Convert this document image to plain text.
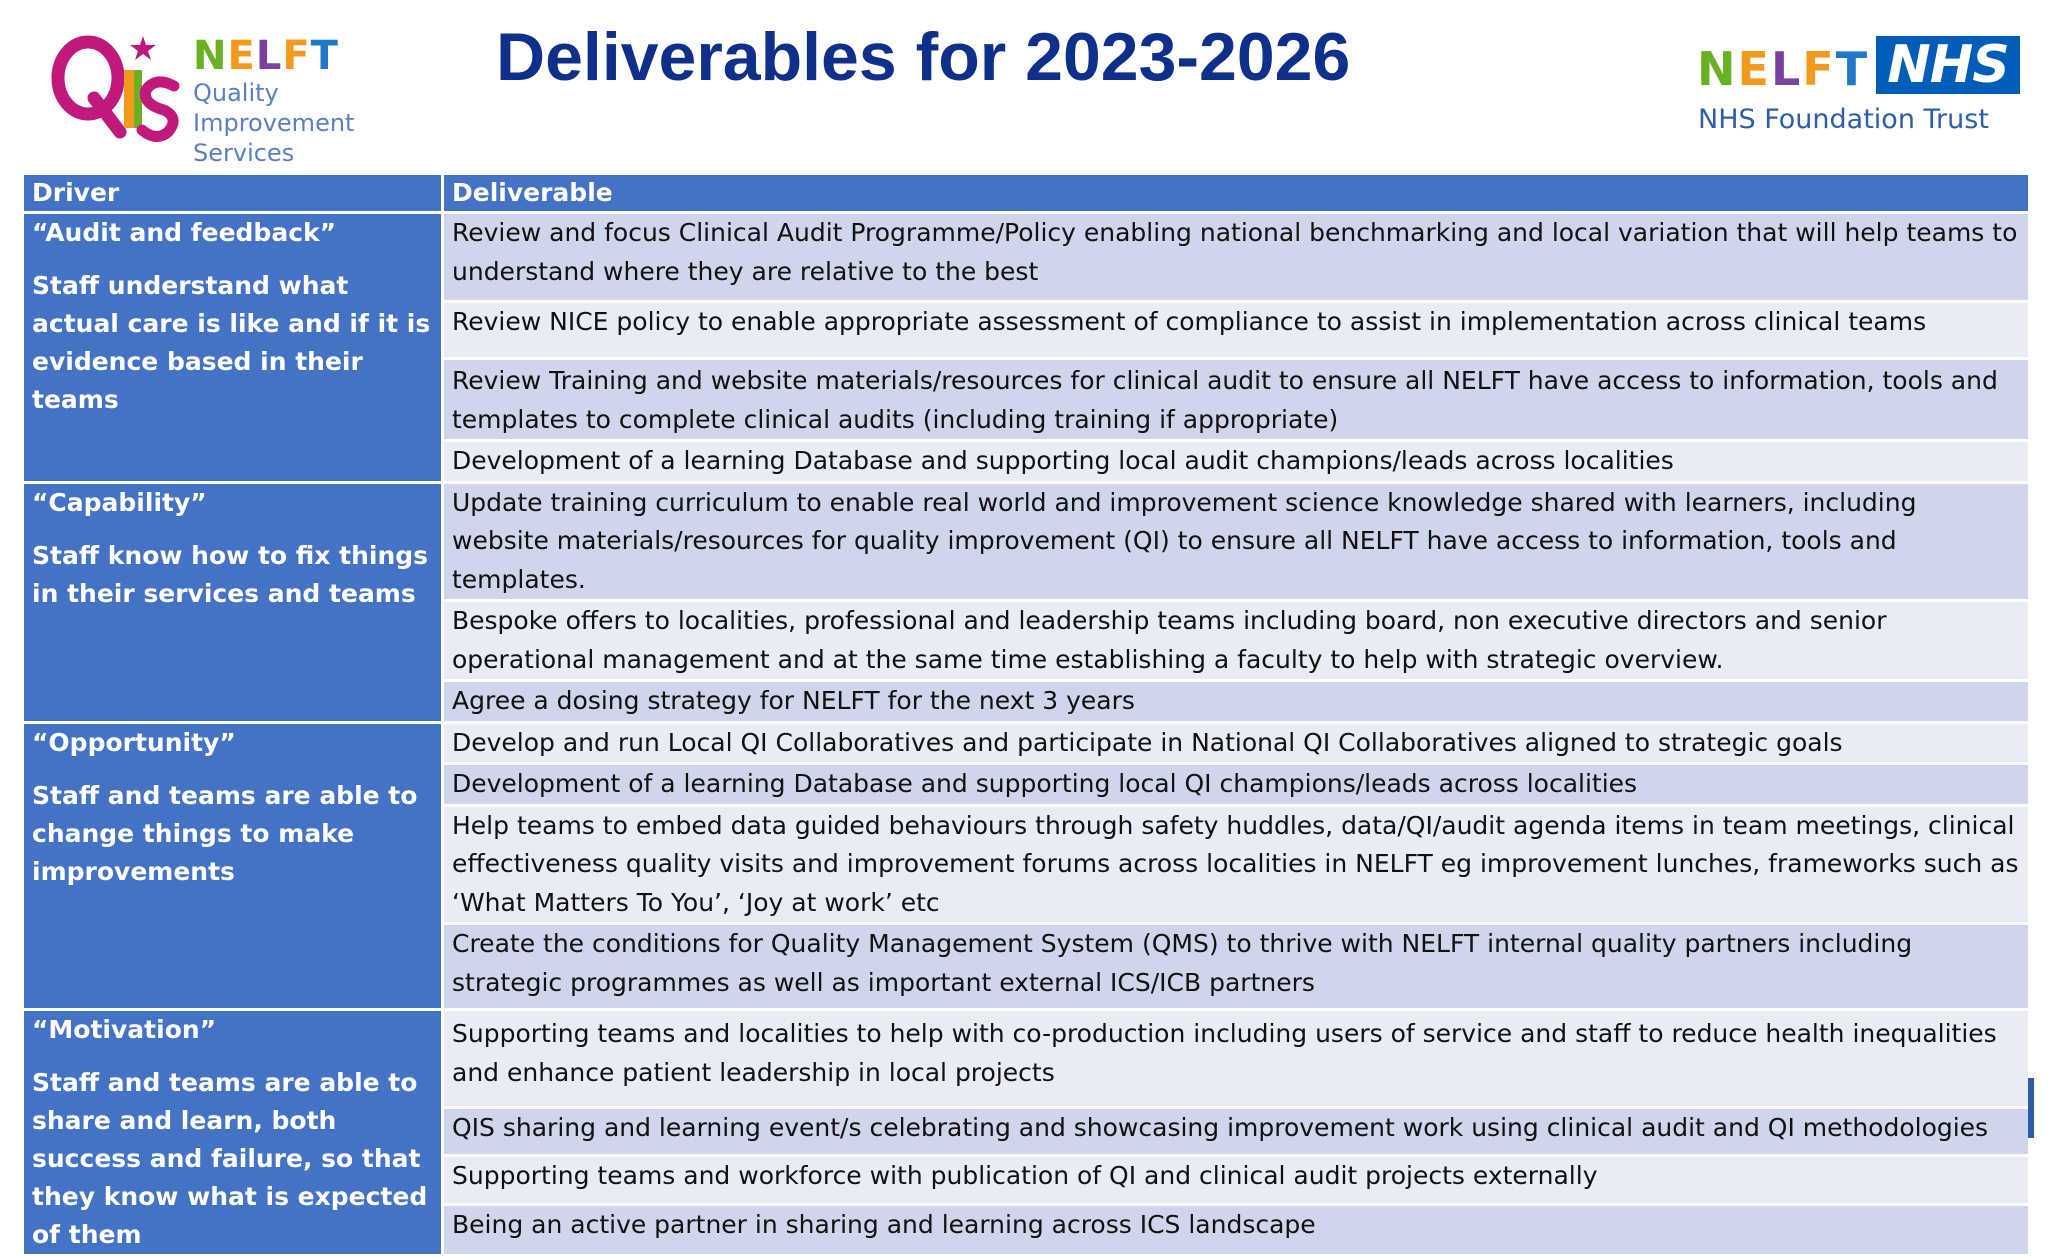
NELFT
Quality Improvement
Services
Deliverables for 2023-2026	NELFT NHS
NHS Foundation Trust
Driver	Deliverable

“Audit and feedback”
Staff understand what actual care is like and if it is evidence based in their teams	Review and focus Clinical Audit Programme/Policy enabling national benchmarking and local variation that will help teams to understand where they are relative to the best
	Review NICE policy to enable appropriate assessment of compliance to assist in implementation across clinical teams
	Review Training and website materials/resources for clinical audit to ensure all NELFT have access to information, tools and templates to complete clinical audits (including training if appropriate)
	Development of a learning Database and supporting local audit champions/leads across localities

“Capability”
Staff know how to fix things in their services and teams	Update training curriculum to enable real world and improvement science knowledge shared with learners, including website materials/resources for quality improvement (QI) to ensure all NELFT have access to information, tools and templates.
	Bespoke offers to localities, professional and leadership teams including board, non executive directors and senior operational management and at the same time establishing a faculty to help with strategic overview.
	Agree a dosing strategy for NELFT for the next 3 years

“Opportunity”
Staff and teams are able to change things to make improvements	Develop and run Local QI Collaboratives and participate in National QI Collaboratives aligned to strategic goals
	Development of a learning Database and supporting local QI champions/leads across localities
	Help teams to embed data guided behaviours through safety huddles, data/QI/audit agenda items in team meetings, clinical effectiveness quality visits and improvement forums across localities in NELFT eg improvement lunches, frameworks such as ‘What Matters To You’, ‘Joy at work’ etc
	Create the conditions for Quality Management System (QMS) to thrive with NELFT internal quality partners including strategic programmes as well as important external ICS/ICB partners

“Motivation”
Staff and teams are able to share and learn, both success and failure, so that they know what is expected of them	Supporting teams and localities to help with co-production including users of service and staff to reduce health inequalities and enhance patient leadership in local projects
	QIS sharing and learning event/s celebrating and showcasing improvement work using clinical audit and QI methodologies
	Supporting teams and workforce with publication of QI and clinical audit projects externally
	Being an active partner in sharing and learning across ICS landscape
